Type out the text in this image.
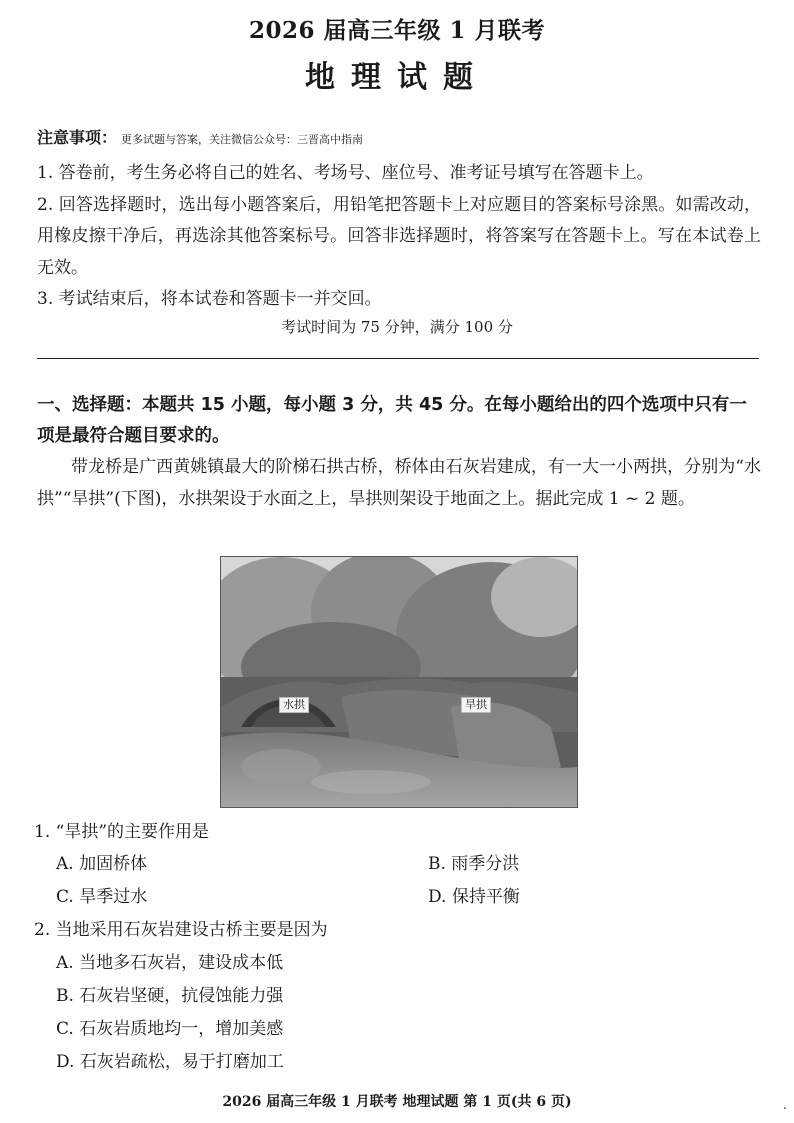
2026 届高三年级 1 月联考
地理试题
注意事项： 更多试题与答案，关注微信公众号：三晋高中指南

1. 答卷前，考生务必将自己的姓名、考场号、座位号、准考证号填写在答题卡上。

2. 回答选择题时，选出每小题答案后，用铅笔把答题卡上对应题目的答案标号涂黑。如需改动，用橡皮擦干净后，再选涂其他答案标号。回答非选择题时，将答案写在答题卡上。写在本试卷上无效。

3. 考试结束后，将本试卷和答题卡一并交回。

考试时间为 75 分钟，满分 100 分
一、选择题：本题共 15 小题，每小题 3 分，共 45 分。在每小题给出的四个选项中只有一项是最符合题目要求的。
带龙桥是广西黄姚镇最大的阶梯石拱古桥，桥体由石灰岩建成，有一大一小两拱，分别为“水拱”“旱拱”(下图)，水拱架设于水面之上，旱拱则架设于地面之上。据此完成 1 ~ 2 题。
水拱	旱拱
1. “旱拱”的主要作用是
A. 加固桥体	B. 雨季分洪
C. 旱季过水	D. 保持平衡
2. 当地采用石灰岩建设古桥主要是因为
A. 当地多石灰岩，建设成本低
B. 石灰岩坚硬，抗侵蚀能力强
C. 石灰岩质地均一，增加美感
D. 石灰岩疏松，易于打磨加工
2026 届高三年级 1 月联考 地理试题 第 1 页(共 6 页)	.
